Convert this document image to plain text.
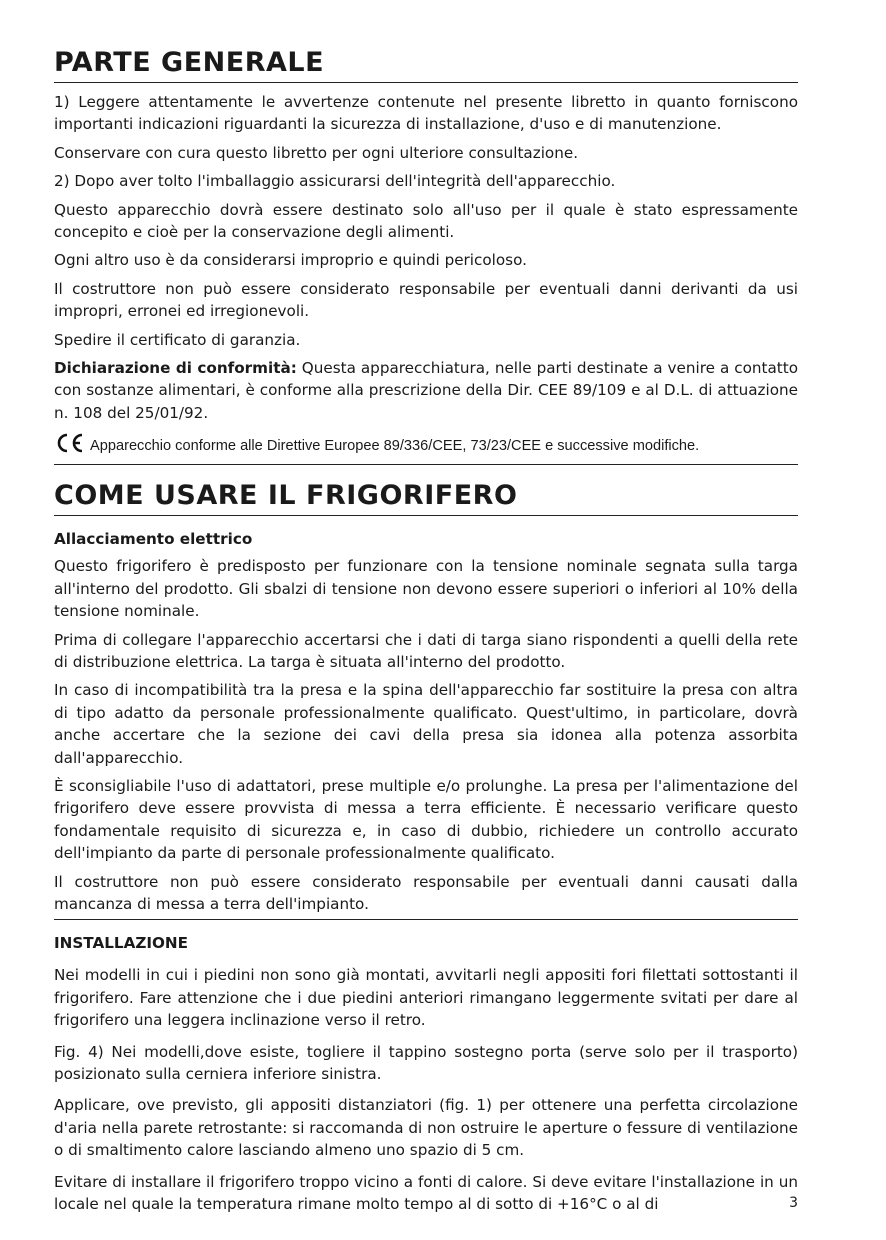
PARTE GENERALE

1) Leggere attentamente le avvertenze contenute nel presente libretto in quanto forniscono importanti indicazioni riguardanti la sicurezza di installazione, d'uso e di manutenzione.

Conservare con cura questo libretto per ogni ulteriore consultazione.

2) Dopo aver tolto l'imballaggio assicurarsi dell'integrità dell'apparecchio.

Questo apparecchio dovrà essere destinato solo all'uso per il quale è stato espressamente concepito e cioè per la conservazione degli alimenti.

Ogni altro uso è da considerarsi improprio e quindi pericoloso.

Il costruttore non può essere considerato responsabile per eventuali danni derivanti da usi impropri, erronei ed irregionevoli.

Spedire il certificato di garanzia.

Dichiarazione di conformità: Questa apparecchiatura, nelle parti destinate a venire a contatto con sostanze alimentari, è conforme alla prescrizione della Dir. CEE 89/109 e al D.L. di attuazione n. 108 del 25/01/92.

Apparecchio conforme alle Direttive Europee 89/336/CEE, 73/23/CEE e successive modifiche.
COME USARE IL FRIGORIFERO
Allacciamento elettrico

Questo frigorifero è predisposto per funzionare con la tensione nominale segnata sulla targa all'interno del prodotto. Gli sbalzi di tensione non devono essere superiori o inferiori al 10% della tensione nominale.

Prima di collegare l'apparecchio accertarsi che i dati di targa siano rispondenti a quelli della rete di distribuzione elettrica. La targa è situata all'interno del prodotto.

In caso di incompatibilità tra la presa e la spina dell'apparecchio far sostituire la presa con altra di tipo adatto da personale professionalmente qualificato. Quest'ultimo, in particolare, dovrà anche accertare che la sezione dei cavi della presa sia idonea alla potenza assorbita dall'apparecchio.

È sconsigliabile l'uso di adattatori, prese multiple e/o prolunghe. La presa per l'alimentazione del frigorifero deve essere provvista di messa a terra efficiente. È necessario verificare questo fondamentale requisito di sicurezza e, in caso di dubbio, richiedere un controllo accurato dell'impianto da parte di personale professionalmente qualificato.

Il costruttore non può essere considerato responsabile per eventuali danni causati dalla mancanza di messa a terra dell'impianto.

INSTALLAZIONE

Nei modelli in cui i piedini non sono già montati, avvitarli negli appositi fori filettati sottostanti il frigorifero. Fare attenzione che i due piedini anteriori rimangano leggermente svitati per dare al frigorifero una leggera inclinazione verso il retro.

Fig. 4) Nei modelli,dove esiste, togliere il tappino sostegno porta (serve solo per il trasporto) posizionato sulla cerniera inferiore sinistra.

Applicare, ove previsto, gli appositi distanziatori (fig. 1) per ottenere una perfetta circolazione d'aria nella parete retrostante: si raccomanda di non ostruire le aperture o fessure di ventilazione o di smaltimento calore lasciando almeno uno spazio di 5 cm.

Evitare di installare il frigorifero troppo vicino a fonti di calore. Si deve evitare l'installazione in un locale nel quale la temperatura rimane molto tempo al di sotto di +16°C o al di	3
